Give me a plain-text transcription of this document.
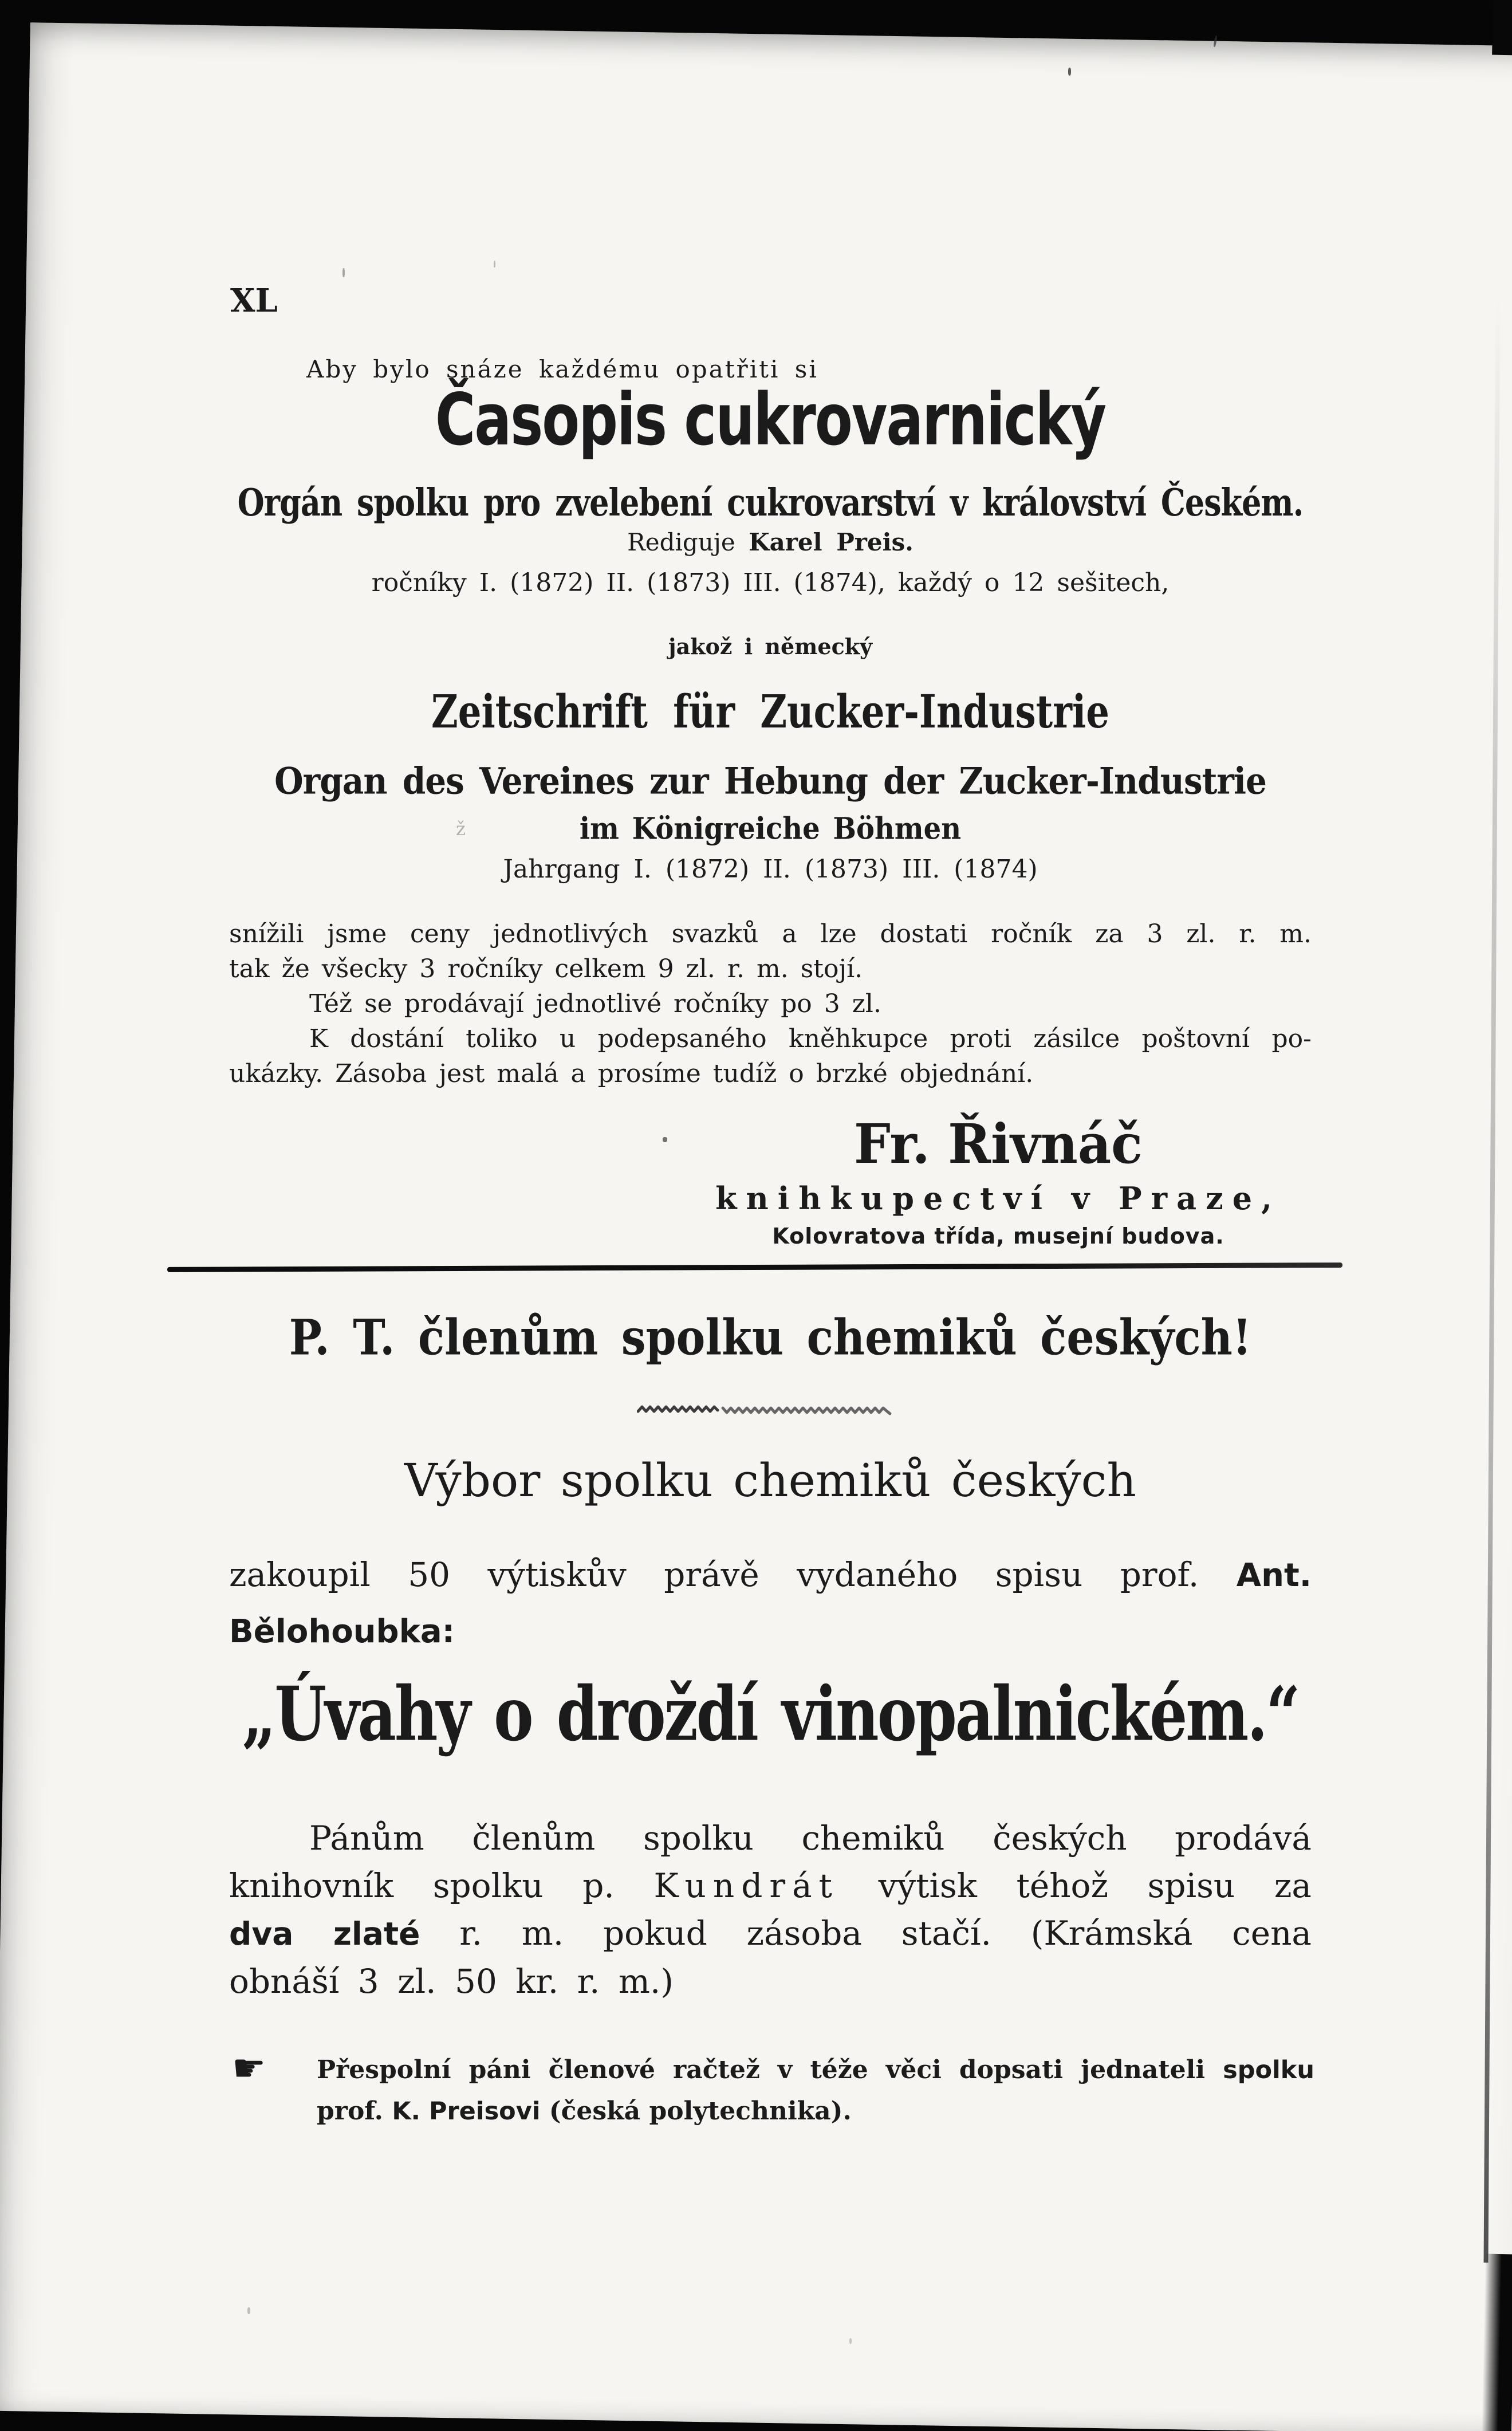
XL
Aby bylo snáze každému opatřiti si
Časopis cukrovarnický
Orgán spolku pro zvelebení cukrovarství v království Českém.
Rediguje Karel Preis.
ročníky I. (1872) II. (1873) III. (1874), každý o 12 sešitech,
jakož i německý
Zeitschrift für Zucker-Industrie
Organ des Vereines zur Hebung der Zucker-Industrie
ž	im Königreiche Böhmen
Jahrgang I. (1872) II. (1873) III. (1874)
snížili jsme ceny jednotlivých svazků a lze dostati ročník za 3 zl. r. m.
tak že všecky 3 ročníky celkem 9 zl. r. m. stojí.
Též se prodávají jednotlivé ročníky po 3 zl.
K dostání toliko u podepsaného kněhkupce proti zásilce poštovní po-
ukázky. Zásoba jest malá a prosíme tudíž o brzké objednání.
Fr. Řivnáč
knihkupectví v Praze,
Kolovratova třída, musejní budova.
P. T. členům spolku chemiků českých!
Výbor spolku chemiků českých
zakoupil 50 výtiskův právě vydaného spisu prof. Ant.
Bělohoubka:
„Úvahy o droždí vinopalnickém.“
Pánům členům spolku chemiků českých prodává
knihovník spolku p. Kundrát výtisk téhož spisu za
dva zlaté r. m. pokud zásoba stačí. (Krámská cena
obnáší 3 zl. 50 kr. r. m.)
☛	Přespolní páni členové račtež v téže věci dopsati jednateli spolku
prof. K. Preisovi (česká polytechnika).
